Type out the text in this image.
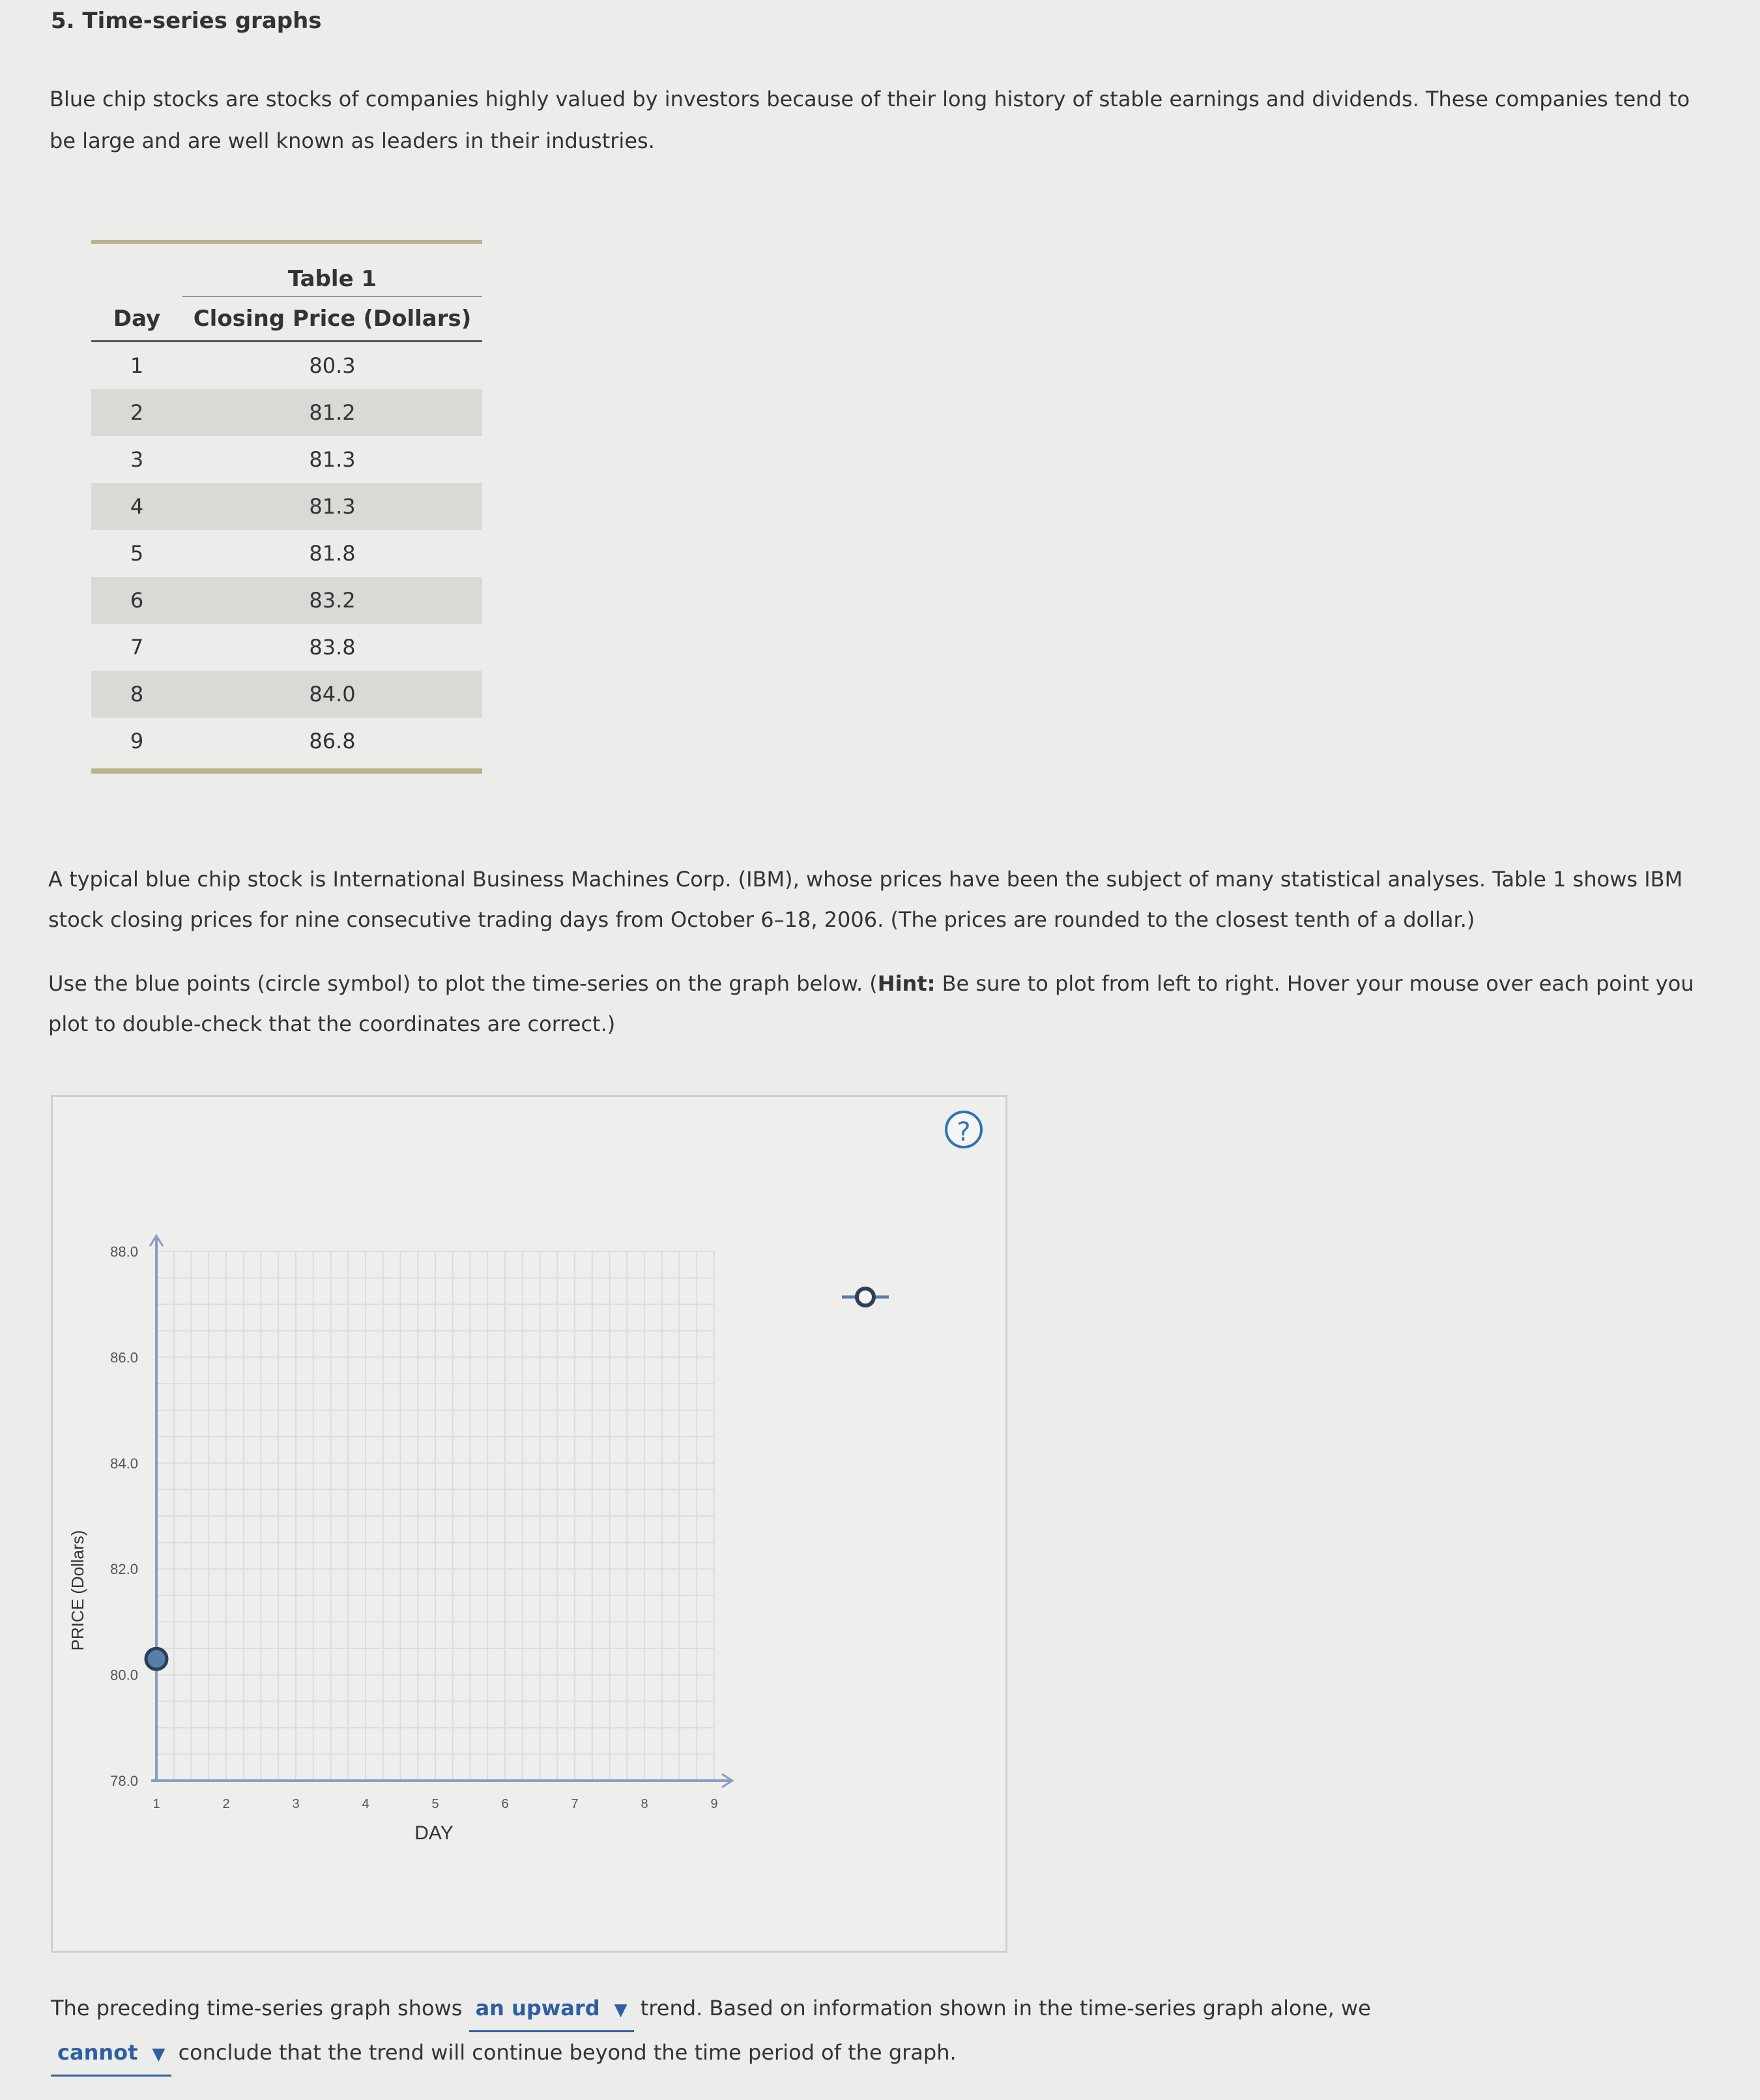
5. Time-series graphs
Blue chip stocks are stocks of companies highly valued by investors because of their long history of stable earnings and dividends. These companies tend to be large and are well known as leaders in their industries.
Table 1
Day	Closing Price (Dollars)
1	80.3
2	81.2
3	81.3
4	81.3
5	81.8
6	83.2
7	83.8
8	84.0
9	86.8
A typical blue chip stock is International Business Machines Corp. (IBM), whose prices have been the subject of many statistical analyses. Table 1 shows IBM stock closing prices for nine consecutive trading days from October 6–18, 2006. (The prices are rounded to the closest tenth of a dollar.)
Use the blue points (circle symbol) to plot the time-series on the graph below. (Hint: Be sure to plot from left to right. Hover your mouse over each point you plot to double-check that the coordinates are correct.)
?
78.0
80.0
82.0
84.0
86.0
88.0
1	2	3	4	5	6	7	8	9
PRICE (Dollars)
DAY
The preceding time-series graph shows an upward ▼ trend. Based on information shown in the time-series graph alone, we
cannot ▼ conclude that the trend will continue beyond the time period of the graph.
